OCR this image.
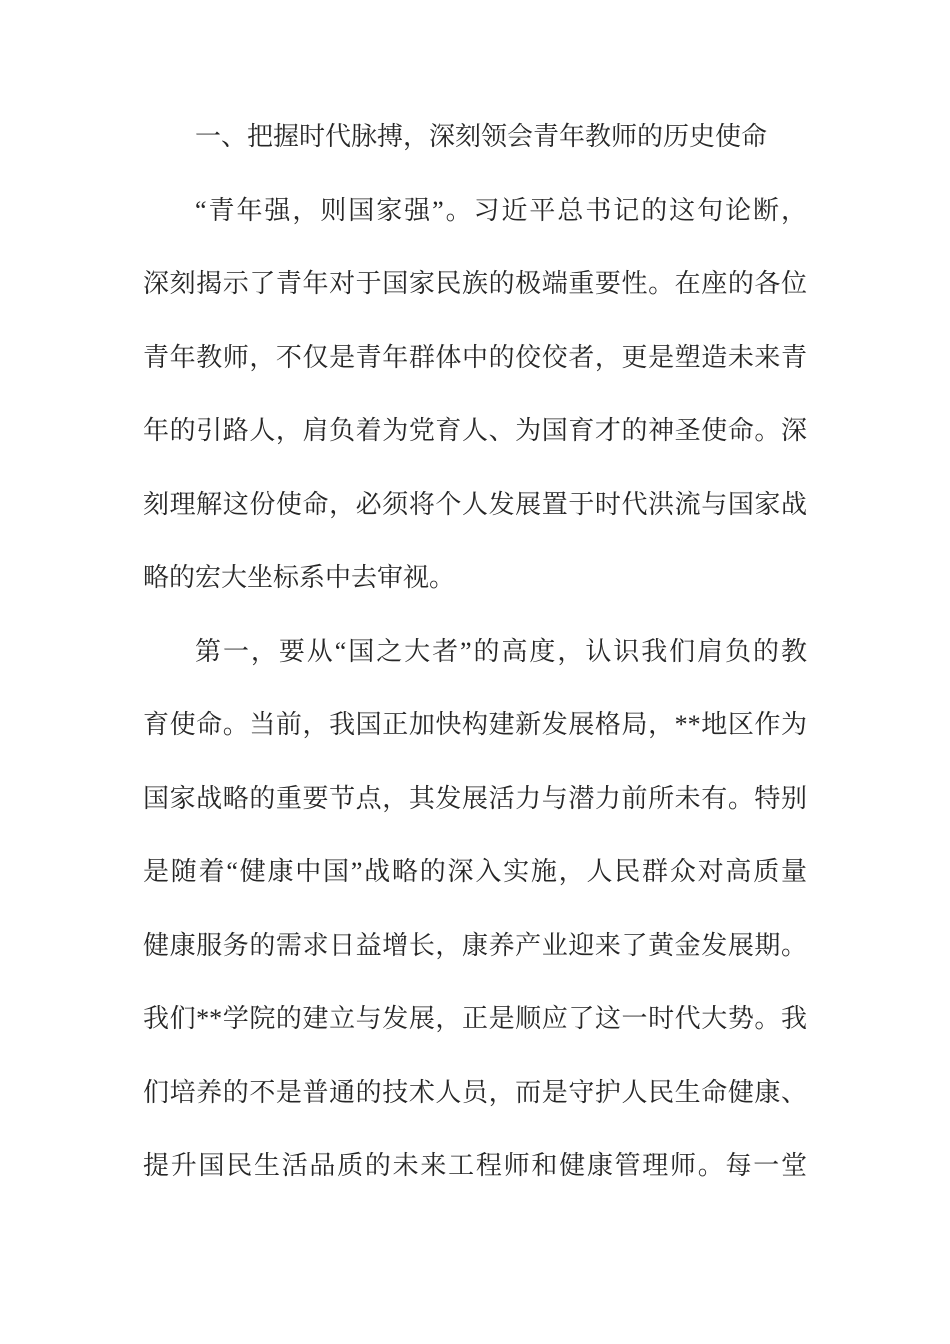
一、把握时代脉搏，深刻领会青年教师的历史使命
“青年强，则国家强”。习近平总书记的这句论断，
深刻揭示了青年对于国家民族的极端重要性。在座的各位
青年教师，不仅是青年群体中的佼佼者，更是塑造未来青
年的引路人，肩负着为党育人、为国育才的神圣使命。深
刻理解这份使命，必须将个人发展置于时代洪流与国家战
略的宏大坐标系中去审视。
第一，要从“国之大者”的高度，认识我们肩负的教
育使命。当前，我国正加快构建新发展格局，**地区作为
国家战略的重要节点，其发展活力与潜力前所未有。特别
是随着“健康中国”战略的深入实施，人民群众对高质量
健康服务的需求日益增长，康养产业迎来了黄金发展期。
我们**学院的建立与发展，正是顺应了这一时代大势。我
们培养的不是普通的技术人员，而是守护人民生命健康、
提升国民生活品质的未来工程师和健康管理师。每一堂
